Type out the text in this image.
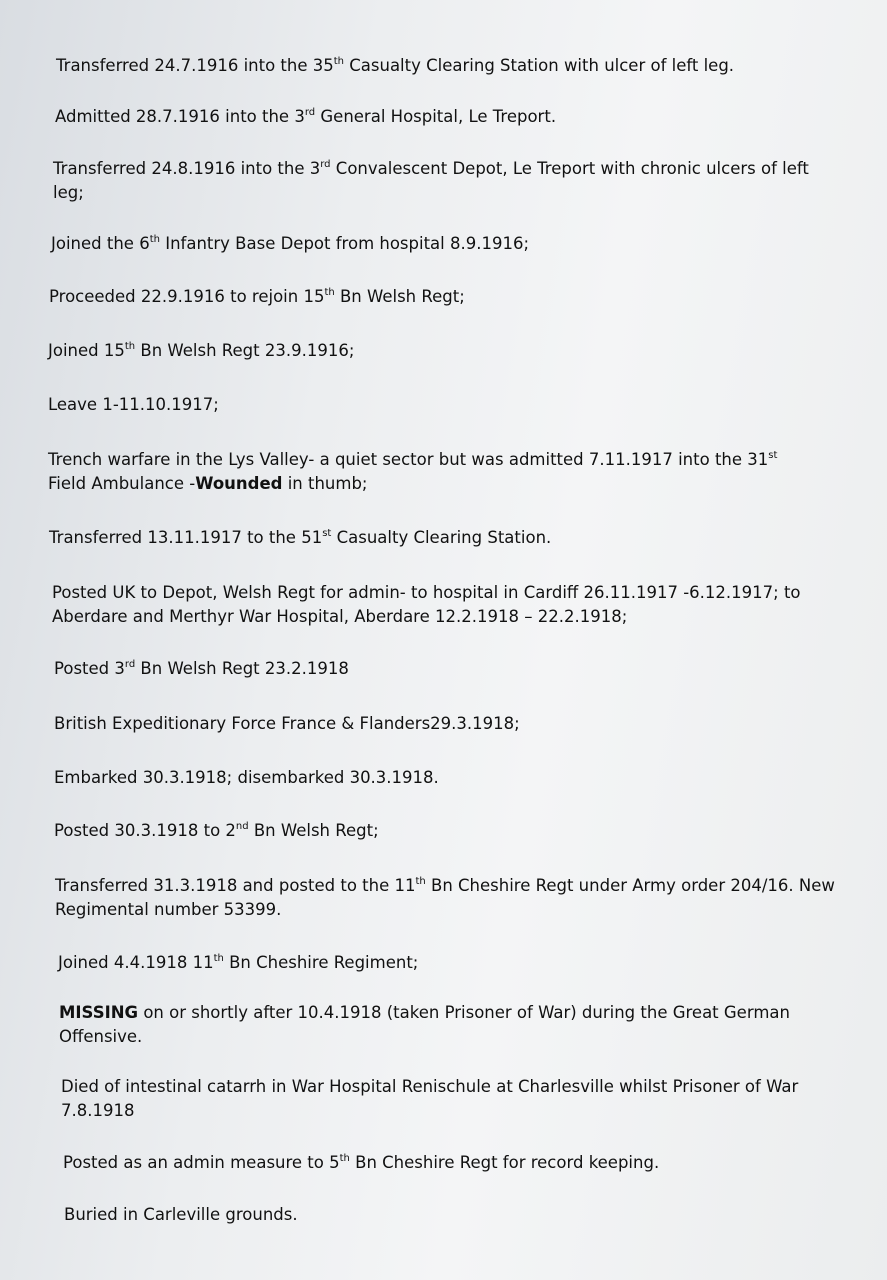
Transferred 24.7.1916 into the 35th Casualty Clearing Station with ulcer of left leg.

Admitted 28.7.1916 into the 3rd General Hospital, Le Treport.

Transferred 24.8.1916 into the 3rd Convalescent Depot, Le Treport with chronic ulcers of left leg;

Joined the 6th Infantry Base Depot from hospital 8.9.1916;

Proceeded 22.9.1916 to rejoin 15th Bn Welsh Regt;

Joined 15th Bn Welsh Regt 23.9.1916;

Leave 1-11.10.1917;

Trench warfare in the Lys Valley- a quiet sector but was admitted 7.11.1917 into the 31st Field Ambulance -Wounded in thumb;

Transferred 13.11.1917 to the 51st Casualty Clearing Station.

Posted UK to Depot, Welsh Regt for admin- to hospital in Cardiff 26.11.1917 -6.12.1917; to Aberdare and Merthyr War Hospital, Aberdare 12.2.1918 – 22.2.1918;

Posted 3rd Bn Welsh Regt 23.2.1918

British Expeditionary Force France & Flanders29.3.1918;

Embarked 30.3.1918; disembarked 30.3.1918.

Posted 30.3.1918 to 2nd Bn Welsh Regt;

Transferred 31.3.1918 and posted to the 11th Bn Cheshire Regt under Army order 204/16. New Regimental number 53399.

Joined 4.4.1918 11th Bn Cheshire Regiment;

MISSING on or shortly after 10.4.1918 (taken Prisoner of War) during the Great German Offensive.

Died of intestinal catarrh in War Hospital Renischule at Charlesville whilst Prisoner of War 7.8.1918

Posted as an admin measure to 5th Bn Cheshire Regt for record keeping.

Buried in Carleville grounds.
